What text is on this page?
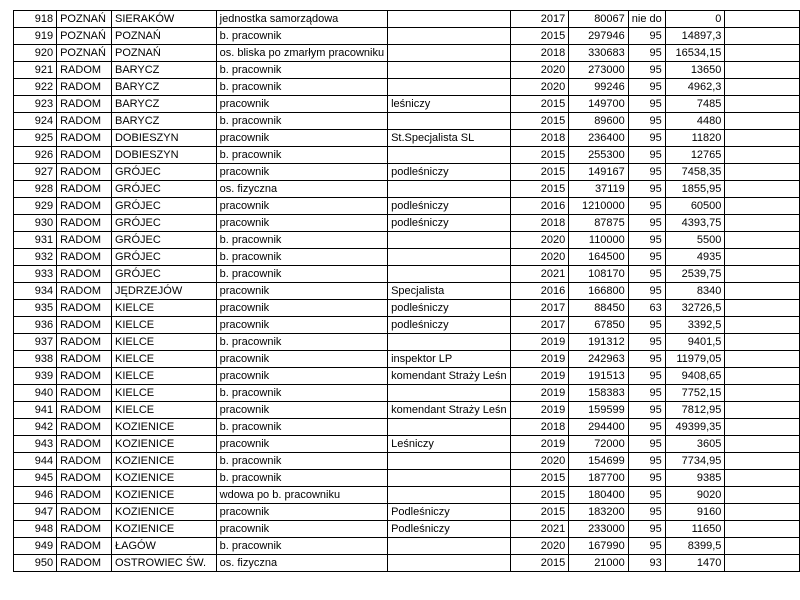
918	POZNAŃ	SIERAKÓW	jednostka samorządowa		2017	80067	nie do	0	
919	POZNAŃ	POZNAŃ	b. pracownik		2015	297946	95	14897,3	
920	POZNAŃ	POZNAŃ	os. bliska po zmarłym pracowniku		2018	330683	95	16534,15	
921	RADOM	BARYCZ	b. pracownik		2020	273000	95	13650	
922	RADOM	BARYCZ	b. pracownik		2020	99246	95	4962,3	
923	RADOM	BARYCZ	pracownik	leśniczy	2015	149700	95	7485	
924	RADOM	BARYCZ	b. pracownik		2015	89600	95	4480	
925	RADOM	DOBIESZYN	pracownik	St.Specjalista SL	2018	236400	95	11820	
926	RADOM	DOBIESZYN	b. pracownik		2015	255300	95	12765	
927	RADOM	GRÓJEC	pracownik	podleśniczy	2015	149167	95	7458,35	
928	RADOM	GRÓJEC	os. fizyczna		2015	37119	95	1855,95	
929	RADOM	GRÓJEC	pracownik	podleśniczy	2016	1210000	95	60500	
930	RADOM	GRÓJEC	pracownik	podleśniczy	2018	87875	95	4393,75	
931	RADOM	GRÓJEC	b. pracownik		2020	110000	95	5500	
932	RADOM	GRÓJEC	b. pracownik		2020	164500	95	4935	
933	RADOM	GRÓJEC	b. pracownik		2021	108170	95	2539,75	
934	RADOM	JĘDRZEJÓW	pracownik	Specjalista	2016	166800	95	8340	
935	RADOM	KIELCE	pracownik	podleśniczy	2017	88450	63	32726,5	
936	RADOM	KIELCE	pracownik	podleśniczy	2017	67850	95	3392,5	
937	RADOM	KIELCE	b. pracownik		2019	191312	95	9401,5	
938	RADOM	KIELCE	pracownik	inspektor LP	2019	242963	95	11979,05	
939	RADOM	KIELCE	pracownik	komendant Straży Leśn	2019	191513	95	9408,65	
940	RADOM	KIELCE	b. pracownik		2019	158383	95	7752,15	
941	RADOM	KIELCE	pracownik	komendant Straży Leśn	2019	159599	95	7812,95	
942	RADOM	KOZIENICE	b. pracownik		2018	294400	95	49399,35	
943	RADOM	KOZIENICE	pracownik	Leśniczy	2019	72000	95	3605	
944	RADOM	KOZIENICE	b. pracownik		2020	154699	95	7734,95	
945	RADOM	KOZIENICE	b. pracownik		2015	187700	95	9385	
946	RADOM	KOZIENICE	wdowa po b. pracowniku		2015	180400	95	9020	
947	RADOM	KOZIENICE	pracownik	Podleśniczy	2015	183200	95	9160	
948	RADOM	KOZIENICE	pracownik	Podleśniczy	2021	233000	95	11650	
949	RADOM	ŁAGÓW	b. pracownik		2020	167990	95	8399,5	
950	RADOM	OSTROWIEC ŚW.	os. fizyczna		2015	21000	93	1470	
